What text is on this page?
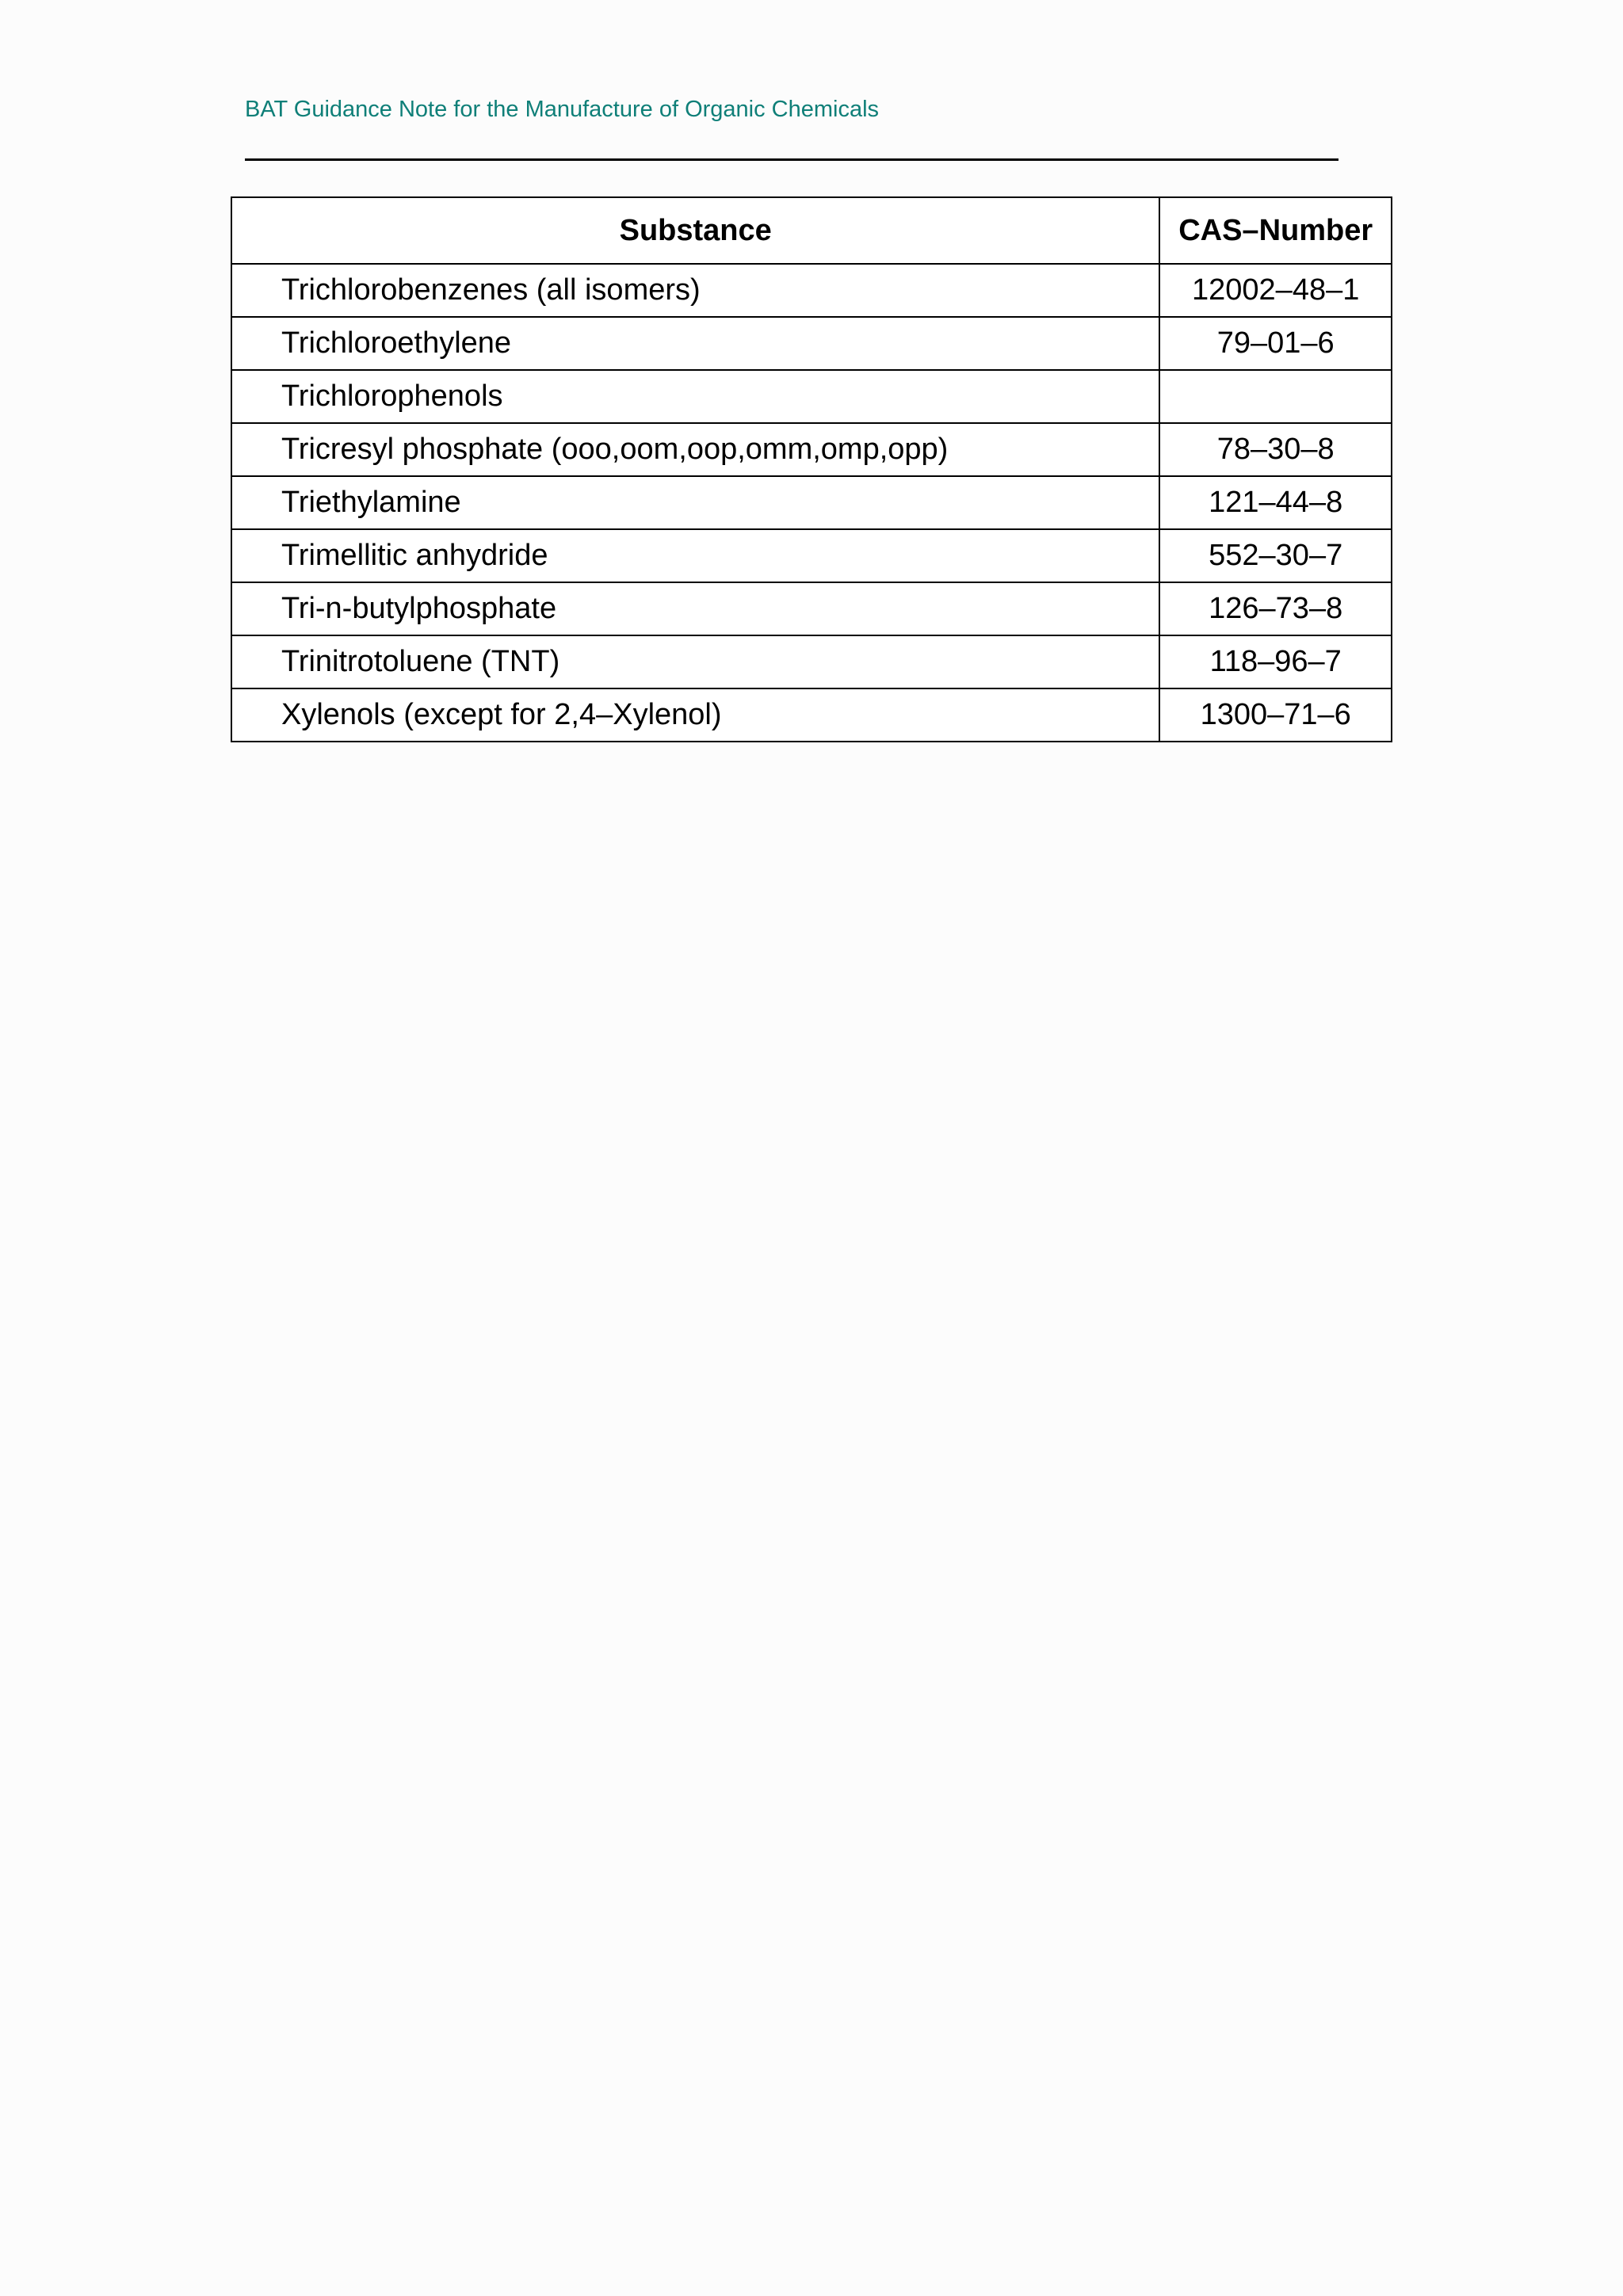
BAT Guidance Note for the Manufacture of Organic Chemicals
Substance	CAS–Number
Trichlorobenzenes (all isomers)	12002–48–1
Trichloroethylene	79–01–6
Trichlorophenols	
Tricresyl phosphate (ooo,oom,oop,omm,omp,opp)	78–30–8
Triethylamine	121–44–8
Trimellitic anhydride	552–30–7
Tri-n-butylphosphate	126–73–8
Trinitrotoluene (TNT)	118–96–7
Xylenols (except for 2,4–Xylenol)	1300–71–6
